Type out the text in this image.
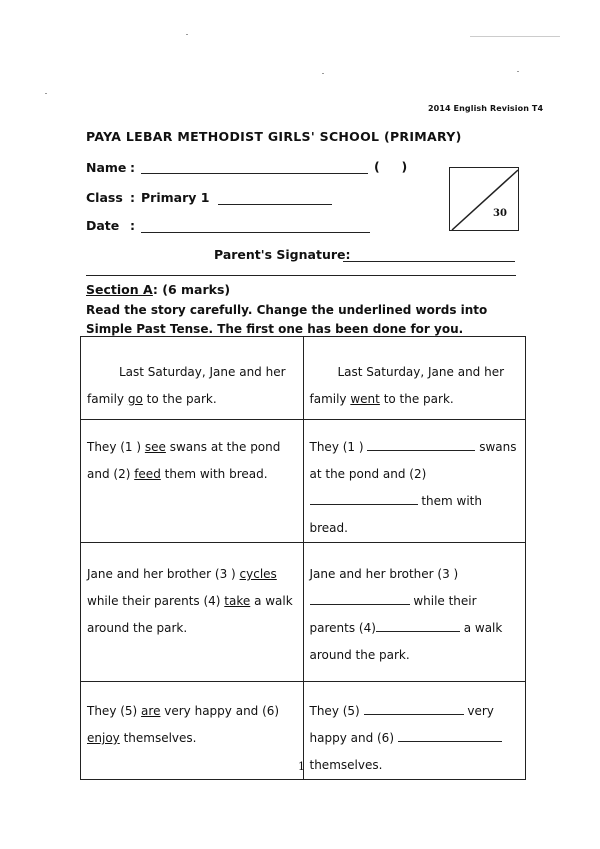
2014 English Revision T4
PAYA LEBAR METHODIST GIRLS' SCHOOL (PRIMARY)
Name :	(     )
Class : Primary 1
Date :
30
Parent's Signature:
Section A: (6 marks)
Read the story carefully. Change the underlined words into Simple Past Tense. The first one has been done for you.
Last Saturday, Jane and her family go to the park.	Last Saturday, Jane and her family went to the park.
They (1 ) see swans at the pond and (2) feed them with bread.	They (1 ) swans at the pond and (2)  them with bread.
Jane and her brother (3 ) cycles while their parents (4) take a walk around the park.	Jane and her brother (3 )  while their parents (4) a walk around the park.
They (5) are very happy and (6) enjoy themselves.	They (5) very happy and (6)  themselves.
1
